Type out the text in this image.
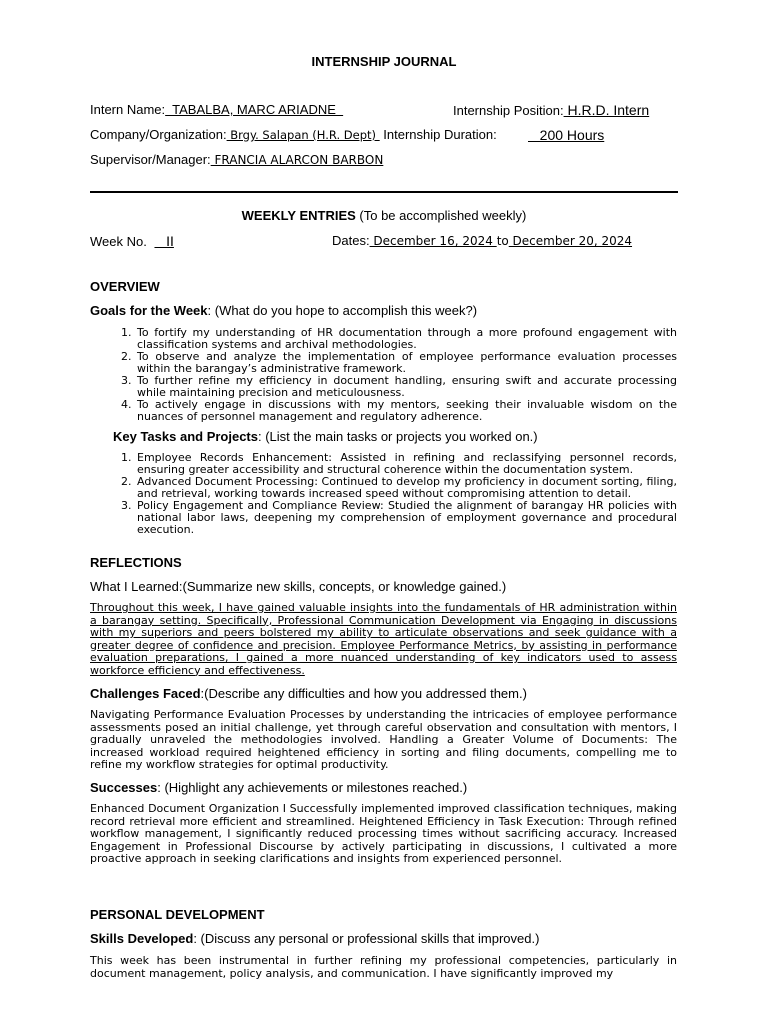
INTERNSHIP JOURNAL
Intern Name:  TABALBA, MARC ARIADNE	Internship Position: H.R.D. Intern
Company/Organization: Brgy. Salapan (H.R. Dept)  Internship Duration: 200 Hours
Supervisor/Manager: FRANCIA ALARCON BARBON
WEEKLY ENTRIES (To be accomplished weekly)
Week No.    II	Dates: December 16, 2024 to December 20, 2024
OVERVIEW
Goals for the Week: (What do you hope to accomplish this week?)
1. To fortify my understanding of HR documentation through a more profound engagement with classification systems and archival methodologies.
2. To observe and analyze the implementation of employee performance evaluation processes within the barangay’s administrative framework.
3. To further refine my efficiency in document handling, ensuring swift and accurate processing while maintaining precision and meticulousness.
4. To actively engage in discussions with my mentors, seeking their invaluable wisdom on the nuances of personnel management and regulatory adherence.
Key Tasks and Projects: (List the main tasks or projects you worked on.)
1. Employee Records Enhancement: Assisted in refining and reclassifying personnel records, ensuring greater accessibility and structural coherence within the documentation system.
2. Advanced Document Processing: Continued to develop my proficiency in document sorting, filing, and retrieval, working towards increased speed without compromising attention to detail.
3. Policy Engagement and Compliance Review: Studied the alignment of barangay HR policies with national labor laws, deepening my comprehension of employment governance and procedural execution.
REFLECTIONS
What I Learned:(Summarize new skills, concepts, or knowledge gained.)

Throughout this week, I have gained valuable insights into the fundamentals of HR administration within a barangay setting. Specifically, Professional Communication Development via Engaging in discussions with my superiors and peers bolstered my ability to articulate observations and seek guidance with a greater degree of confidence and precision. Employee Performance Metrics, by assisting in performance evaluation preparations, I gained a more nuanced understanding of key indicators used to assess workforce efficiency and effectiveness.

Challenges Faced:(Describe any difficulties and how you addressed them.)

Navigating Performance Evaluation Processes by understanding the intricacies of employee performance assessments posed an initial challenge, yet through careful observation and consultation with mentors, I gradually unraveled the methodologies involved. Handling a Greater Volume of Documents: The increased workload required heightened efficiency in sorting and filing documents, compelling me to refine my workflow strategies for optimal productivity.

Successes: (Highlight any achievements or milestones reached.)

Enhanced Document Organization I Successfully implemented improved classification techniques, making record retrieval more efficient and streamlined. Heightened Efficiency in Task Execution: Through refined workflow management, I significantly reduced processing times without sacrificing accuracy. Increased Engagement in Professional Discourse by actively participating in discussions, I cultivated a more proactive approach in seeking clarifications and insights from experienced personnel.

PERSONAL DEVELOPMENT
Skills Developed: (Discuss any personal or professional skills that improved.)

This week has been instrumental in further refining my professional competencies, particularly in document management, policy analysis, and communication. I have significantly improved my
